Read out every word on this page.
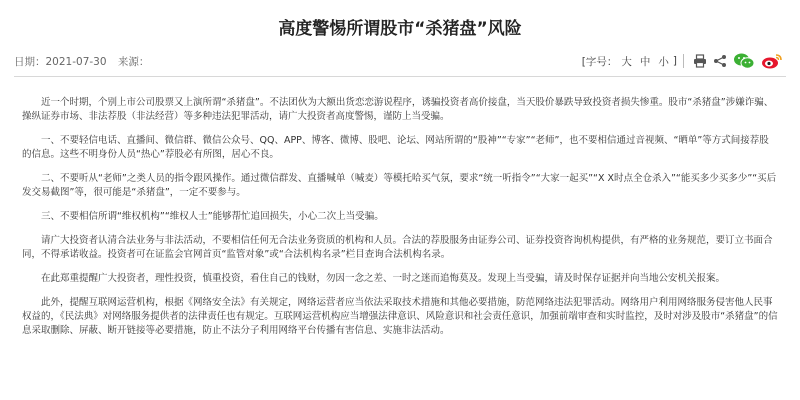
高度警惕所谓股市“杀猪盘”风险
日期：2021-07-30 来源：	[字号： 大 中 小 ]

近一个时期，个别上市公司股票又上演所谓“杀猪盘”。不法团伙为大额出货恋恋游说程序，诱骗投资者高价接盘，当天股价暴跌导致投资者损失惨重。股市“杀猪盘”涉嫌诈骗、操纵证券市场、非法荐股（非法经营）等多种违法犯罪活动，请广大投资者高度警惕，谨防上当受骗。

一、不要轻信电话、直播间、微信群、微信公众号、QQ、APP、博客、微博、股吧、论坛、网站所谓的“股神”“专家”“老师”，也不要相信通过音视频、“晒单”等方式间接荐股的信息。这些不明身份人员“热心”荐股必有所图，居心不良。

二、不要听从“老师”之类人员的指令跟风操作。通过微信群发、直播喊单（喊麦）等模托哈买气氛，要求“统一听指令”“大家一起买”“X X时点全仓杀入”“能买多少买多少”“买后发交易截图”等，很可能是“杀猪盘”，一定不要参与。

三、不要相信所谓“维权机构”“维权人士”能够帮忙追回损失，小心二次上当受骗。

请广大投资者认清合法业务与非法活动，不要相信任何无合法业务资质的机构和人员。合法的荐股服务由证券公司、证券投资咨询机构提供，有严格的业务规范，要订立书面合同，不得承诺收益。投资者可在证监会官网首页“监管对象”或“合法机构名录”栏目查询合法机构名录。

在此郑重提醒广大投资者，理性投资，慎重投资，看住自己的钱财，勿因一念之差、一时之迷而追悔莫及。发现上当受骗，请及时保存证据并向当地公安机关报案。

此外，提醒互联网运营机构，根据《网络安全法》有关规定，网络运营者应当依法采取技术措施和其他必要措施，防范网络违法犯罪活动。网络用户利用网络服务侵害他人民事权益的，《民法典》对网络服务提供者的法律责任也有规定。互联网运营机构应当增强法律意识、风险意识和社会责任意识，加强前端审查和实时监控，及时对涉及股市“杀猪盘”的信息采取删除、屏蔽、断开链接等必要措施，防止不法分子利用网络平台传播有害信息、实施非法活动。
